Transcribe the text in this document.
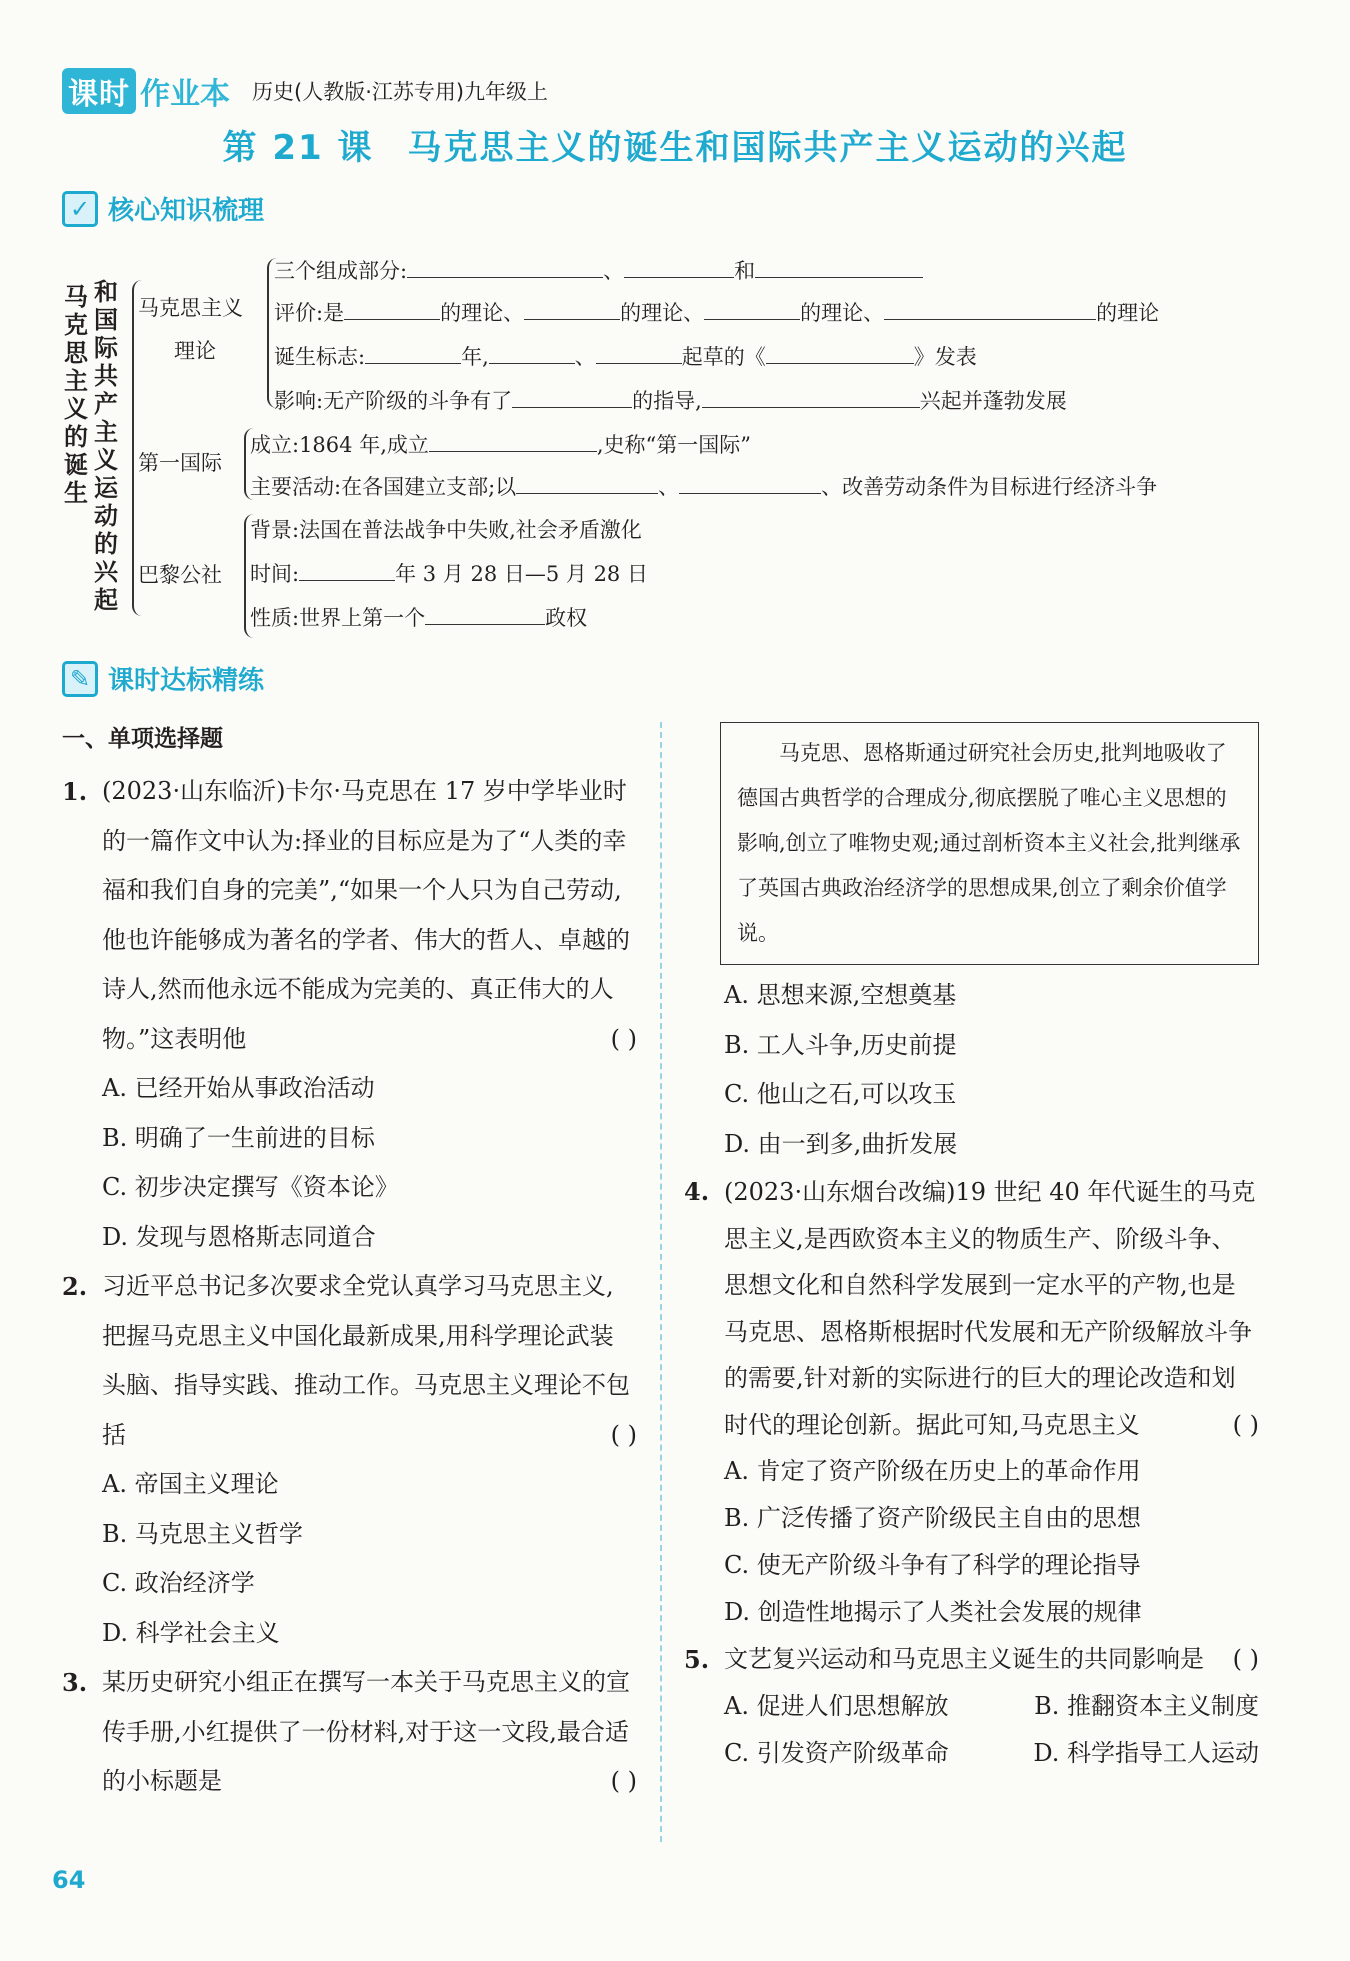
课时 作业本 历史(人教版·江苏专用)九年级上
第 21 课 马克思主义的诞生和国际共产主义运动的兴起
✓ 核心知识梳理
马克思主义的诞生
和国际共产主义运动的兴起
马克思主义
理论
三个组成部分:	、	和
评价:是	的理论、	的理论、	的理论、	的理论
诞生标志:	年,	、	起草的《	》发表
影响:无产阶级的斗争有了	的指导,	兴起并蓬勃发展
第一国际
成立:1864 年,成立	,史称“第一国际”
主要活动:在各国建立支部;以	、	、改善劳动条件为目标进行经济斗争
巴黎公社
背景:法国在普法战争中失败,社会矛盾激化
时间:	年 3 月 28 日—5 月 28 日
性质:世界上第一个	政权
✎ 课时达标精练
一、单项选择题
1. (2023·山东临沂)卡尔·马克思在 17 岁中学毕业时的一篇作文中认为:择业的目标应是为了“人类的幸福和我们自身的完美”,“如果一个人只为自己劳动,他也许能够成为著名的学者、伟大的哲人、卓越的诗人,然而他永远不能成为完美的、真正伟大的人物。”这表明他	( )
A. 已经开始从事政治活动
B. 明确了一生前进的目标
C. 初步决定撰写《资本论》
D. 发现与恩格斯志同道合
2. 习近平总书记多次要求全党认真学习马克思主义,把握马克思主义中国化最新成果,用科学理论武装头脑、指导实践、推动工作。马克思主义理论不包括	( )
A. 帝国主义理论
B. 马克思主义哲学
C. 政治经济学
D. 科学社会主义
3. 某历史研究小组正在撰写一本关于马克思主义的宣传手册,小红提供了一份材料,对于这一文段,最合适的小标题是	( )
马克思、恩格斯通过研究社会历史,批判地吸收了德国古典哲学的合理成分,彻底摆脱了唯心主义思想的影响,创立了唯物史观;通过剖析资本主义社会,批判继承了英国古典政治经济学的思想成果,创立了剩余价值学说。
A. 思想来源,空想奠基
B. 工人斗争,历史前提
C. 他山之石,可以攻玉
D. 由一到多,曲折发展
4. (2023·山东烟台改编)19 世纪 40 年代诞生的马克思主义,是西欧资本主义的物质生产、阶级斗争、思想文化和自然科学发展到一定水平的产物,也是马克思、恩格斯根据时代发展和无产阶级解放斗争的需要,针对新的实际进行的巨大的理论改造和划时代的理论创新。据此可知,马克思主义	( )
A. 肯定了资产阶级在历史上的革命作用
B. 广泛传播了资产阶级民主自由的思想
C. 使无产阶级斗争有了科学的理论指导
D. 创造性地揭示了人类社会发展的规律
5. 文艺复兴运动和马克思主义诞生的共同影响是 ( )
A. 促进人们思想解放	B. 推翻资本主义制度
C. 引发资产阶级革命	D. 科学指导工人运动
64
